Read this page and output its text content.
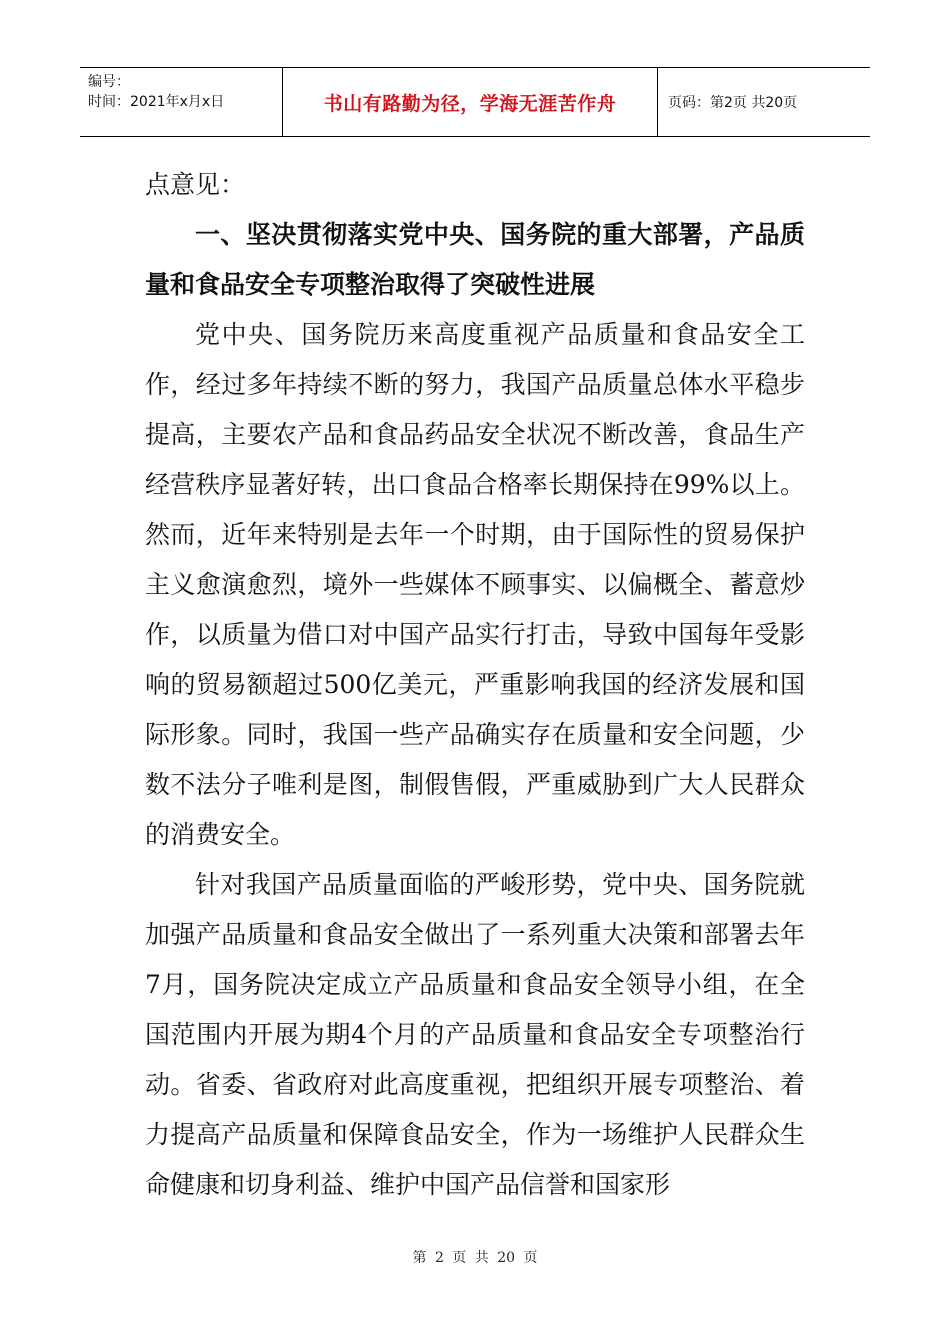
编号：
时间：2021年x月x日	书山有路勤为径，学海无涯苦作舟	页码：第2页 共20页

点意见：

一、坚决贯彻落实党中央、国务院的重大部署，产品质量和食品安全专项整治取得了突破性进展

党中央、国务院历来高度重视产品质量和食品安全工作，经过多年持续不断的努力，我国产品质量总体水平稳步提高，主要农产品和食品药品安全状况不断改善，食品生产经营秩序显著好转，出口食品合格率长期保持在99%以上。然而，近年来特别是去年一个时期，由于国际性的贸易保护主义愈演愈烈，境外一些媒体不顾事实、以偏概全、蓄意炒作，以质量为借口对中国产品实行打击，导致中国每年受影响的贸易额超过500亿美元，严重影响我国的经济发展和国际形象。同时，我国一些产品确实存在质量和安全问题，少数不法分子唯利是图，制假售假，严重威胁到广大人民群众的消费安全。

针对我国产品质量面临的严峻形势，党中央、国务院就加强产品质量和食品安全做出了一系列重大决策和部署去年7月，国务院决定成立产品质量和食品安全领导小组，在全国范围内开展为期4个月的产品质量和食品安全专项整治行动。省委、省政府对此高度重视，把组织开展专项整治、着力提高产品质量和保障食品安全，作为一场维护人民群众生命健康和切身利益、维护中国产品信誉和国家形

第 2 页 共 20 页
